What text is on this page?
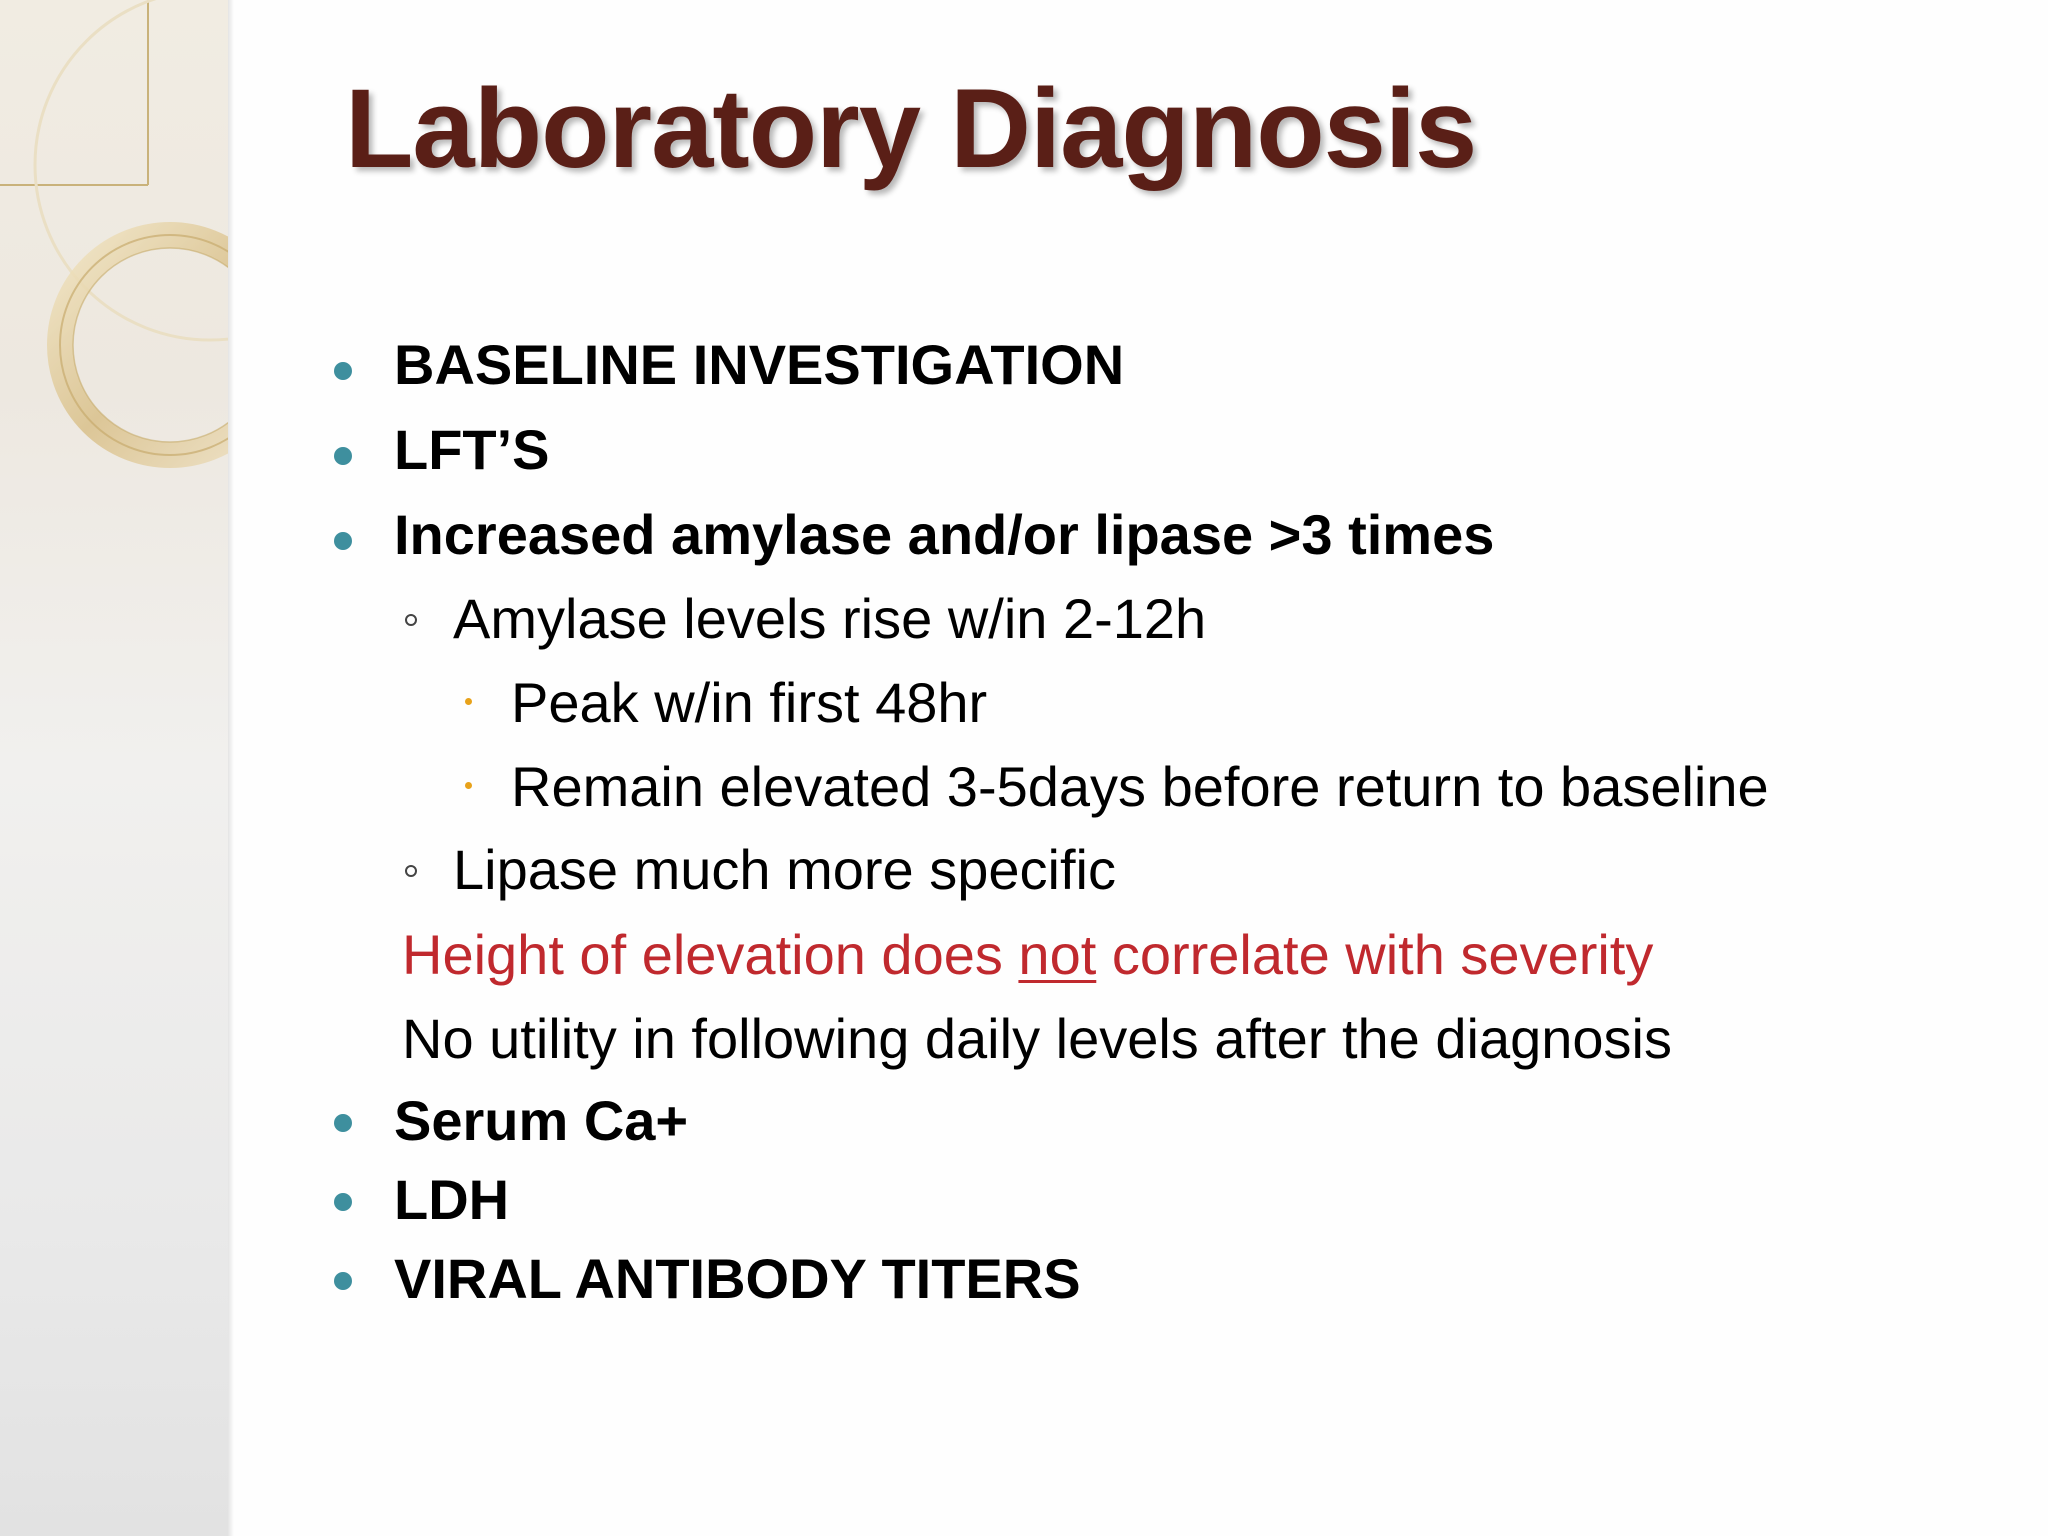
Laboratory Diagnosis
BASELINE INVESTIGATION
LFT’S
Increased amylase and/or lipase >3 times
Amylase levels rise w/in 2-12h
Peak w/in first 48hr
Remain elevated 3-5days before return to baseline
Lipase much more specific
Height of elevation does not correlate with severity
No utility in following daily levels after the diagnosis
Serum Ca+
LDH
VIRAL ANTIBODY TITERS
